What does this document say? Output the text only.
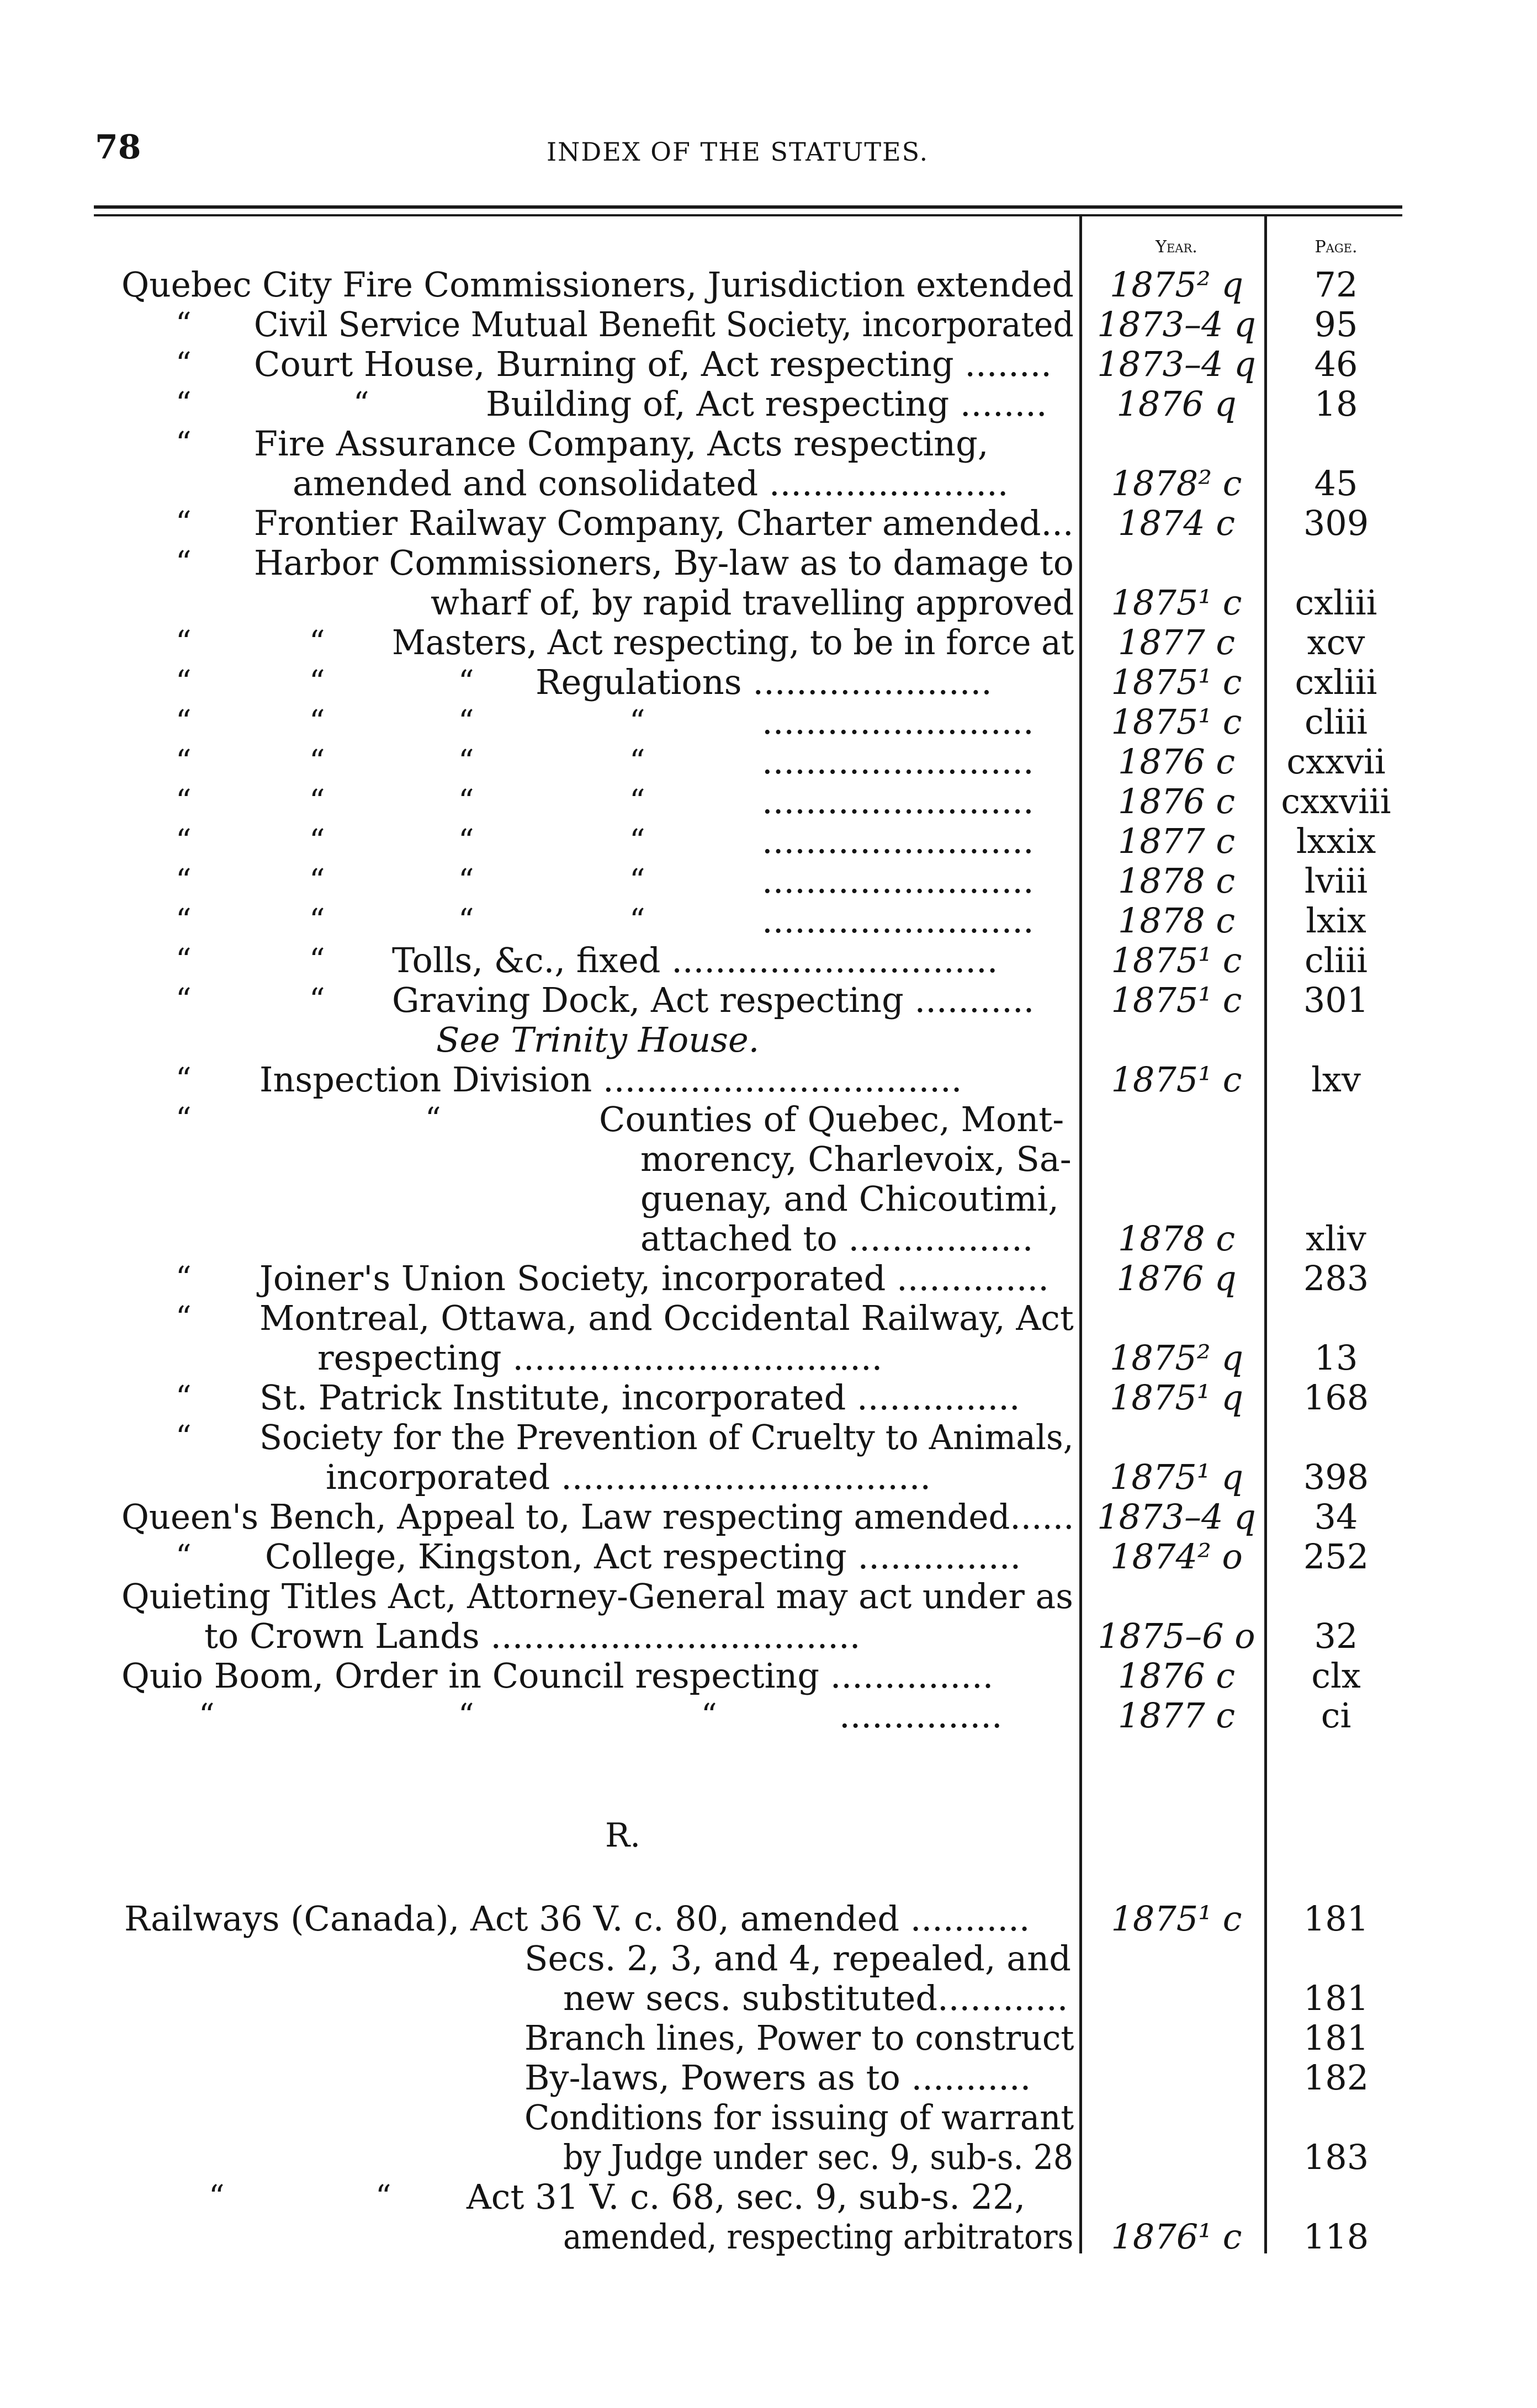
78	INDEX OF THE STATUTES.
Year.	Page.
Quebec City Fire Commissioners, Jurisdiction extended	1875² q	72
“ Civil Service Mutual Benefit Society, incorporated 1873–4 q	95
“ Court House, Burning of, Act respecting ........	1873–4 q	46
“	“	Building of, Act respecting ........	1876 q	18
“ Fire Assurance Company, Acts respecting,
amended and consolidated ......................	1878² c	45
“ Frontier Railway Company, Charter amended...	1874 c	309
“ Harbor Commissioners, By-law as to damage to
wharf of, by rapid travelling approved	1875¹ c	cxliii
“	“ Masters, Act respecting, to be in force at	1877 c	xcv
“	“	“ Regulations ......................	1875¹ c	cxliii
“	“	“	“	.........................	1875¹ c	cliii
“	“	“	“	.........................	1876 c	cxxvii
“	“	“	“	.........................	1876 c	cxxviii
“	“	“	“	.........................	1877 c	lxxix
“	“	“	“	.........................	1878 c	lviii
“	“	“	“	.........................	1878 c	lxix
“	“ Tolls, &c., fixed ..............................	1875¹ c	cliii
“	“ Graving Dock, Act respecting ...........	1875¹ c	301
See Trinity House.
“ Inspection Division .................................	1875¹ c	lxv
“	“	Counties of Quebec, Mont-
morency, Charlevoix, Sa-
guenay, and Chicoutimi,
attached to .................	1878 c	xliv
“ Joiner's Union Society, incorporated ..............	1876 q	283
“ Montreal, Ottawa, and Occidental Railway, Act
respecting ..................................	1875² q	13
“ St. Patrick Institute, incorporated ...............	1875¹ q	168
“ Society for the Prevention of Cruelty to Animals,
incorporated ..................................	1875¹ q	398
Queen's Bench, Appeal to, Law respecting amended...... 1873–4 q	34
“ College, Kingston, Act respecting ...............	1874² o	252
Quieting Titles Act, Attorney-General may act under as
to Crown Lands ..................................	1875–6 o	32
Quio Boom, Order in Council respecting ...............	1876 c	clx
“	“	“	...............	1877 c	ci
R.
Railways (Canada), Act 36 V. c. 80, amended ...........	1875¹ c	181
Secs. 2, 3, and 4, repealed, and
new secs. substituted............	181
Branch lines, Power to construct	181
By-laws, Powers as to ...........	182
Conditions for issuing of warrant
by Judge under sec. 9, sub-s. 28	183
“	“ Act 31 V. c. 68, sec. 9, sub-s. 22,
amended, respecting arbitrators	1876¹ c	118
